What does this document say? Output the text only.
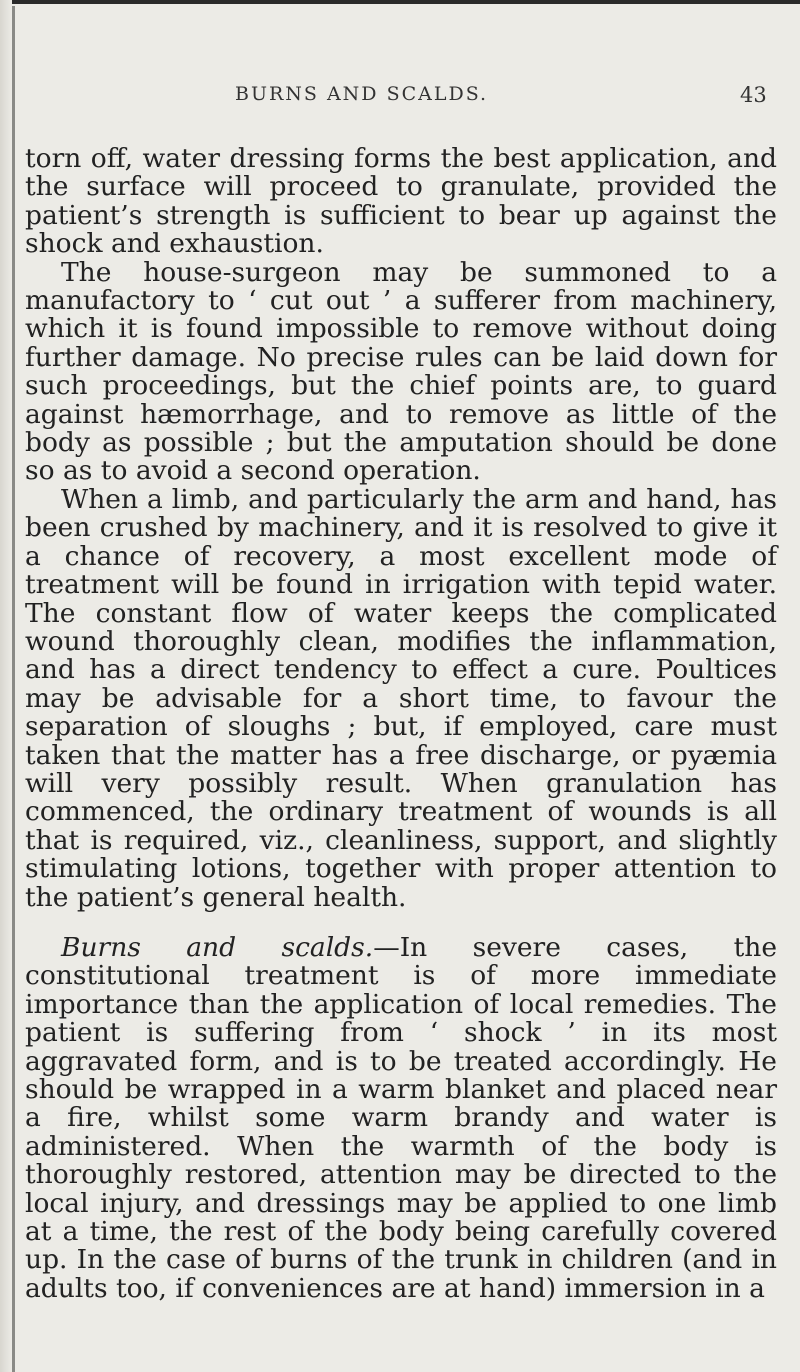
BURNS AND SCALDS.	43

torn off, water dressing forms the best application, and the surface will proceed to granulate, provided the patient’s strength is sufficient to bear up against the shock and exhaustion.

The house-surgeon may be summoned to a manufactory to ‘ cut out ’ a sufferer from machinery, which it is found impossible to remove without doing further damage. No precise rules can be laid down for such proceedings, but the chief points are, to guard against hæmorrhage, and to remove as little of the body as possible ; but the amputation should be done so as to avoid a second operation.

When a limb, and particularly the arm and hand, has been crushed by machinery, and it is resolved to give it a chance of recovery, a most excellent mode of treatment will be found in irrigation with tepid water. The constant flow of water keeps the complicated wound thoroughly clean, modifies the inflammation, and has a direct tendency to effect a cure. Poultices may be advisable for a short time, to favour the separation of sloughs ; but, if employed, care must taken that the matter has a free discharge, or pyæmia will very possibly result. When granulation has commenced, the ordinary treatment of wounds is all that is required, viz., cleanliness, support, and slightly stimulating lotions, together with proper attention to the patient’s general health.

Burns and scalds.—In severe cases, the constitutional treatment is of more immediate importance than the application of local remedies. The patient is suffering from ‘ shock ’ in its most aggravated form, and is to be treated accordingly. He should be wrapped in a warm blanket and placed near a fire, whilst some warm brandy and water is administered. When the warmth of the body is thoroughly restored, attention may be directed to the local injury, and dressings may be applied to one limb at a time, the rest of the body being carefully covered up. In the case of burns of the trunk in children (and in adults too, if conveniences are at hand) immersion in a
